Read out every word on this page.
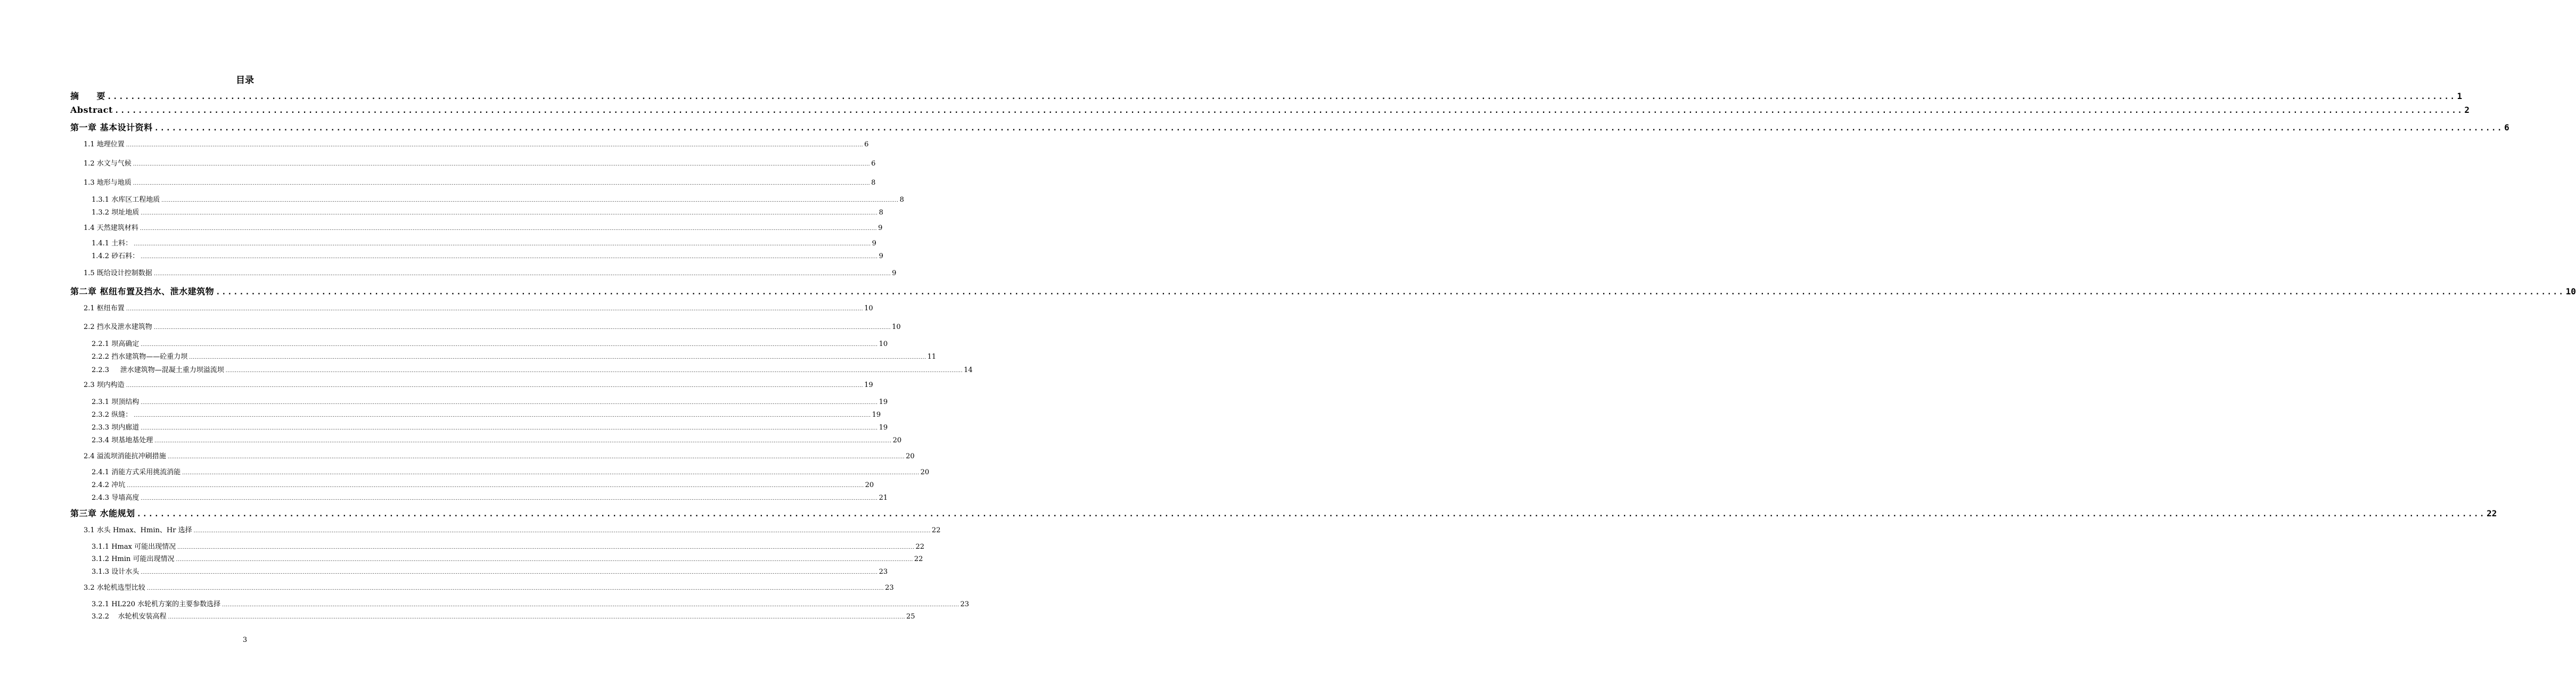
目录
摘　　要 ................................................................................................................................................................................................................................................................................................................................................................................................................ 1
Abstract ................................................................................................................................................................................................................................................................................................................................................................................................................ 2
第一章 基本设计资料 ................................................................................................................................................................................................................................................................................................................................................................................................................ 6
1.1 地理位置 ................................................................................................................................................................................................................................................................................................................................................................................................................ 6
1.2 水文与气候 ................................................................................................................................................................................................................................................................................................................................................................................................................ 6
1.3 地形与地质 ................................................................................................................................................................................................................................................................................................................................................................................................................ 8
1.3.1 水库区工程地质 ................................................................................................................................................................................................................................................................................................................................................................................................................ 8
1.3.2 坝址地质 ................................................................................................................................................................................................................................................................................................................................................................................................................ 8
1.4 天然建筑材料 ................................................................................................................................................................................................................................................................................................................................................................................................................ 9
1.4.1 土料： ................................................................................................................................................................................................................................................................................................................................................................................................................ 9
1.4.2 砂石料： ................................................................................................................................................................................................................................................................................................................................................................................................................ 9
1.5 既给设计控制数据 ................................................................................................................................................................................................................................................................................................................................................................................................................ 9
第二章 枢纽布置及挡水、泄水建筑物 ................................................................................................................................................................................................................................................................................................................................................................................................................ 10
2.1 枢纽布置 ................................................................................................................................................................................................................................................................................................................................................................................................................ 10
2.2 挡水及泄水建筑物 ................................................................................................................................................................................................................................................................................................................................................................................................................ 10
2.2.1 坝高确定 ................................................................................................................................................................................................................................................................................................................................................................................................................ 10
2.2.2 挡水建筑物——砼重力坝 ................................................................................................................................................................................................................................................................................................................................................................................................................ 11
2.2.3     泄水建筑物—混凝土重力坝溢流坝 ................................................................................................................................................................................................................................................................................................................................................................................................................ 14
2.3 坝内构造 ................................................................................................................................................................................................................................................................................................................................................................................................................ 19
2.3.1 坝顶结构 ................................................................................................................................................................................................................................................................................................................................................................................................................ 19
2.3.2 纵缝： ................................................................................................................................................................................................................................................................................................................................................................................................................ 19
2.3.3 坝内廊道 ................................................................................................................................................................................................................................................................................................................................................................................................................ 19
2.3.4 坝基地基处理 ................................................................................................................................................................................................................................................................................................................................................................................................................ 20
2.4 溢流坝消能抗冲刷措施 ................................................................................................................................................................................................................................................................................................................................................................................................................ 20
2.4.1 消能方式采用挑流消能 ................................................................................................................................................................................................................................................................................................................................................................................................................ 20
2.4.2 冲坑 ................................................................................................................................................................................................................................................................................................................................................................................................................ 20
2.4.3 导墙高度 ................................................................................................................................................................................................................................................................................................................................................................................................................ 21
第三章 水能规划 ................................................................................................................................................................................................................................................................................................................................................................................................................ 22
3.1 水头 Hmax、Hmin、Hr 选择 ................................................................................................................................................................................................................................................................................................................................................................................................................ 22
3.1.1 Hmax 可能出现情况 ................................................................................................................................................................................................................................................................................................................................................................................................................ 22
3.1.2 Hmin 可能出现情况 ................................................................................................................................................................................................................................................................................................................................................................................................................ 22
3.1.3 设计水头 ................................................................................................................................................................................................................................................................................................................................................................................................................ 23
3.2 水轮机选型比较 ................................................................................................................................................................................................................................................................................................................................................................................................................ 23
3.2.1 HL220 水轮机方案的主要参数选择 ................................................................................................................................................................................................................................................................................................................................................................................................................ 23
3.2.2    水轮机安装高程 ................................................................................................................................................................................................................................................................................................................................................................................................................ 25
3
